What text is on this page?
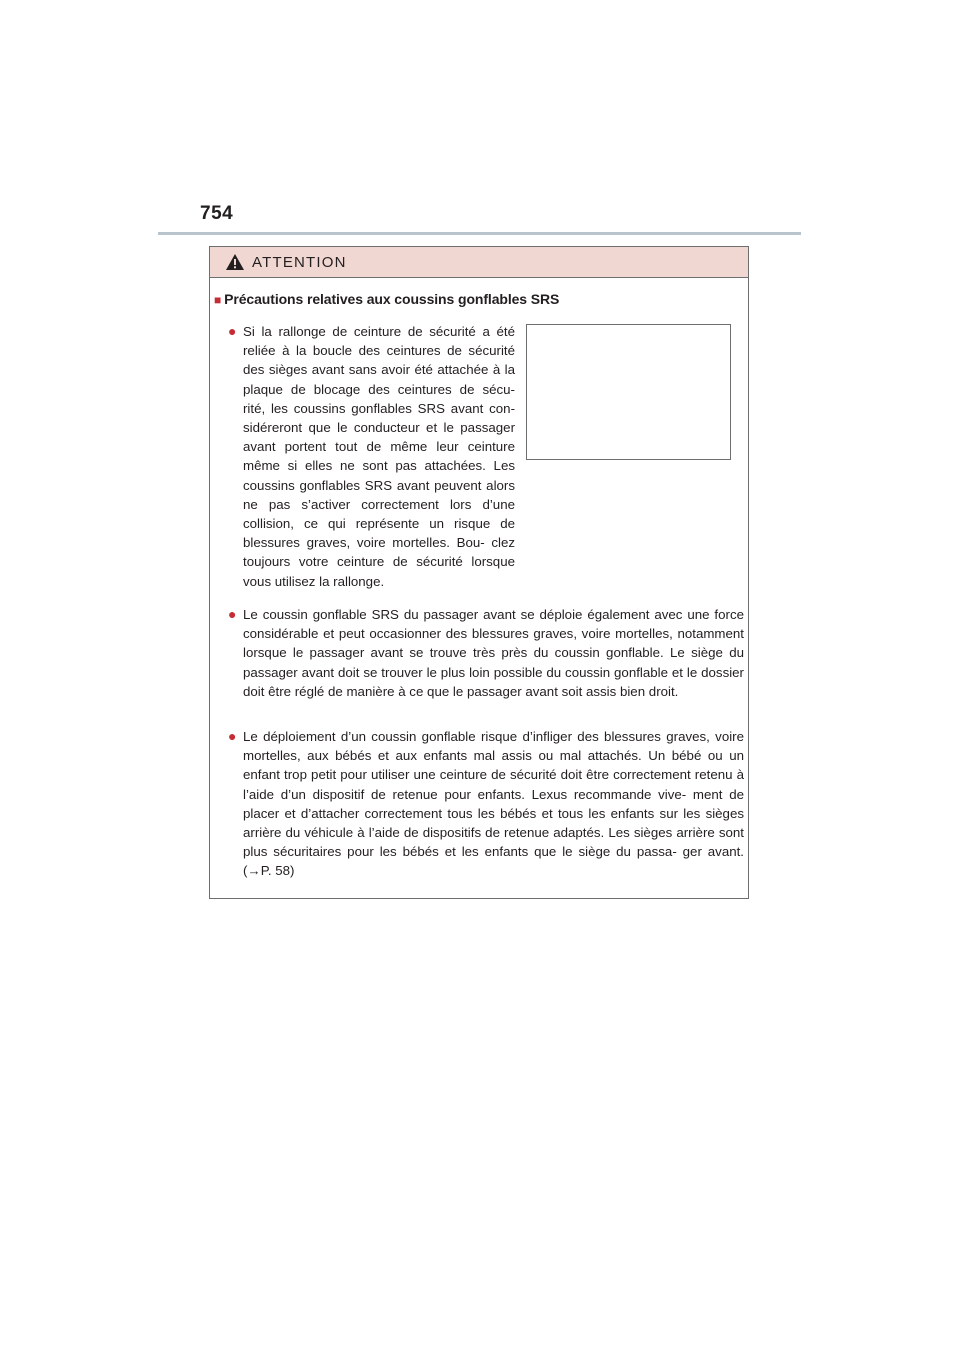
754
ATTENTION
■ Précautions relatives aux coussins gonflables SRS
● Si la rallonge de ceinture de sécurité a été reliée à la boucle des ceintures de sécurité des sièges avant sans avoir été attachée à la plaque de blocage des ceintures de sécu- rité, les coussins gonflables SRS avant con- sidéreront que le conducteur et le passager avant portent tout de même leur ceinture même si elles ne sont pas attachées. Les coussins gonflables SRS avant peuvent alors ne pas s’activer correctement lors d’une collision, ce qui représente un risque de blessures graves, voire mortelles. Bou- clez toujours votre ceinture de sécurité lorsque vous utilisez la rallonge.
● Le coussin gonflable SRS du passager avant se déploie également avec une force considérable et peut occasionner des blessures graves, voire mortelles, notamment lorsque le passager avant se trouve très près du coussin gonflable. Le siège du passager avant doit se trouver le plus loin possible du coussin gonflable et le dossier doit être réglé de manière à ce que le passager avant soit assis bien droit.
● Le déploiement d’un coussin gonflable risque d’infliger des blessures graves, voire mortelles, aux bébés et aux enfants mal assis ou mal attachés. Un bébé ou un enfant trop petit pour utiliser une ceinture de sécurité doit être correctement retenu à l’aide d’un dispositif de retenue pour enfants. Lexus recommande vive- ment de placer et d’attacher correctement tous les bébés et tous les enfants sur les sièges arrière du véhicule à l’aide de dispositifs de retenue adaptés. Les sièges arrière sont plus sécuritaires pour les bébés et les enfants que le siège du passa- ger avant. (→P. 58)
